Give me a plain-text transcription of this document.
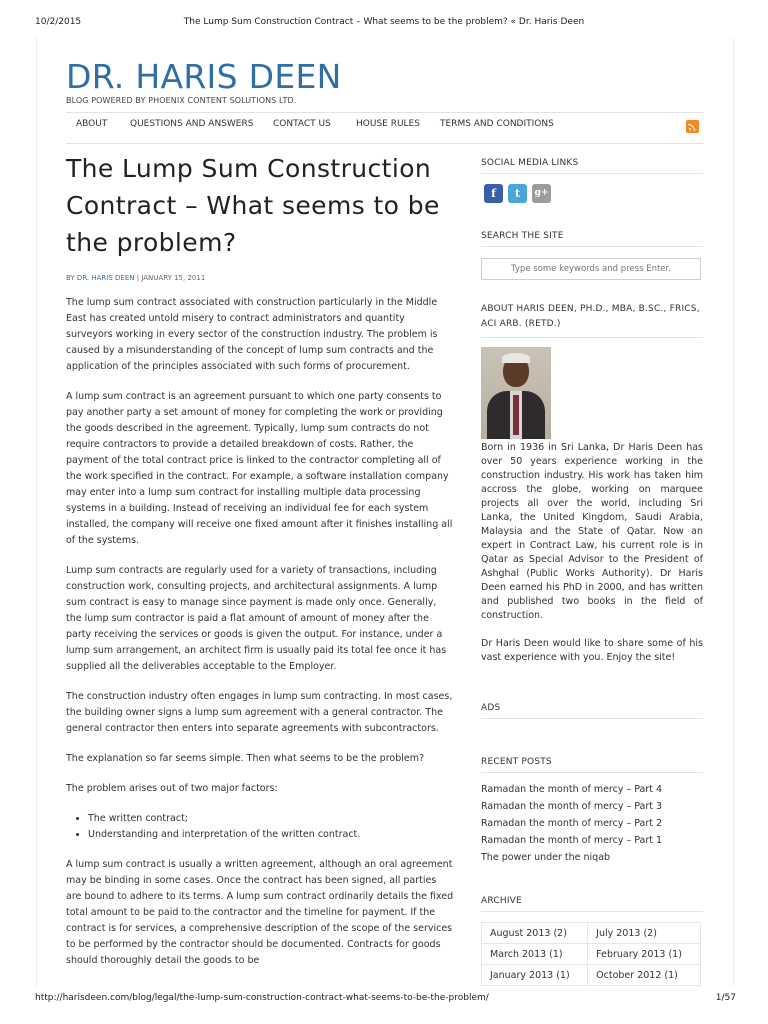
10/2/2015	The Lump Sum Construction Contract – What seems to be the problem? « Dr. Haris Deen
DR. HARIS DEEN
BLOG POWERED BY PHOENIX CONTENT SOLUTIONS LTD.
ABOUT	QUESTIONS AND ANSWERS CONTACT US	HOUSE RULES TERMS AND CONDITIONS
The Lump Sum Construction Contract – What seems to be the problem?
BY DR. HARIS DEEN | JANUARY 15, 2011

The lump sum contract associated with construction particularly in the Middle East has created untold misery to contract administrators and quantity surveyors working in every sector of the construction industry. The problem is caused by a misunderstanding of the concept of lump sum contracts and the application of the principles associated with such forms of procurement.

A lump sum contract is an agreement pursuant to which one party consents to pay another party a set amount of money for completing the work or providing the goods described in the agreement. Typically, lump sum contracts do not require contractors to provide a detailed breakdown of costs. Rather, the payment of the total contract price is linked to the contractor completing all of the work specified in the contract. For example, a software installation company may enter into a lump sum contract for installing multiple data processing systems in a building. Instead of receiving an individual fee for each system installed, the company will receive one fixed amount after it finishes installing all of the systems.

Lump sum contracts are regularly used for a variety of transactions, including construction work, consulting projects, and architectural assignments. A lump sum contract is easy to manage since payment is made only once. Generally, the lump sum contractor is paid a flat amount of amount of money after the party receiving the services or goods is given the output. For instance, under a lump sum arrangement, an architect firm is usually paid its total fee once it has supplied all the deliverables acceptable to the Employer.

The construction industry often engages in lump sum contracting. In most cases, the building owner signs a lump sum agreement with a general contractor. The general contractor then enters into separate agreements with subcontractors.

The explanation so far seems simple. Then what seems to be the problem?

The problem arises out of two major factors:

• The written contract;
• Understanding and interpretation of the written contract.

A lump sum contract is usually a written agreement, although an oral agreement may be binding in some cases. Once the contract has been signed, all parties are bound to adhere to its terms. A lump sum contract ordinarily details the fixed total amount to be paid to the contractor and the timeline for payment. If the contract is for services, a comprehensive description of the scope of the services to be performed by the contractor should be documented. Contracts for goods should thoroughly detail the goods to be

SOCIAL MEDIA LINKS
f	t	g+
SEARCH THE SITE
Type some keywords and press Enter.
ABOUT HARIS DEEN, PH.D., MBA, B.SC., FRICS, ACI ARB. (RETD.)

Born in 1936 in Sri Lanka, Dr Haris Deen has over 50 years experience working in the construction industry. His work has taken him accross the globe, working on marquee projects all over the world, including Sri Lanka, the United Kingdom, Saudi Arabia, Malaysia and the State of Qatar. Now an expert in Contract Law, his current role is in Qatar as Special Advisor to the President of Ashghal (Public Works Authority). Dr Haris Deen earned his PhD in 2000, and has written and published two books in the field of construction.

Dr Haris Deen would like to share some of his vast experience with you. Enjoy the site!

ADS
RECENT POSTS
Ramadan the month of mercy – Part 4
Ramadan the month of mercy – Part 3
Ramadan the month of mercy – Part 2
Ramadan the month of mercy – Part 1
The power under the niqab
ARCHIVE
August 2013 (2)	July 2013 (2)
March 2013 (1)	February 2013 (1)
January 2013 (1)	October 2012 (1)
http://harisdeen.com/blog/legal/the-lump-sum-construction-contract-what-seems-to-be-the-problem/	1/57
